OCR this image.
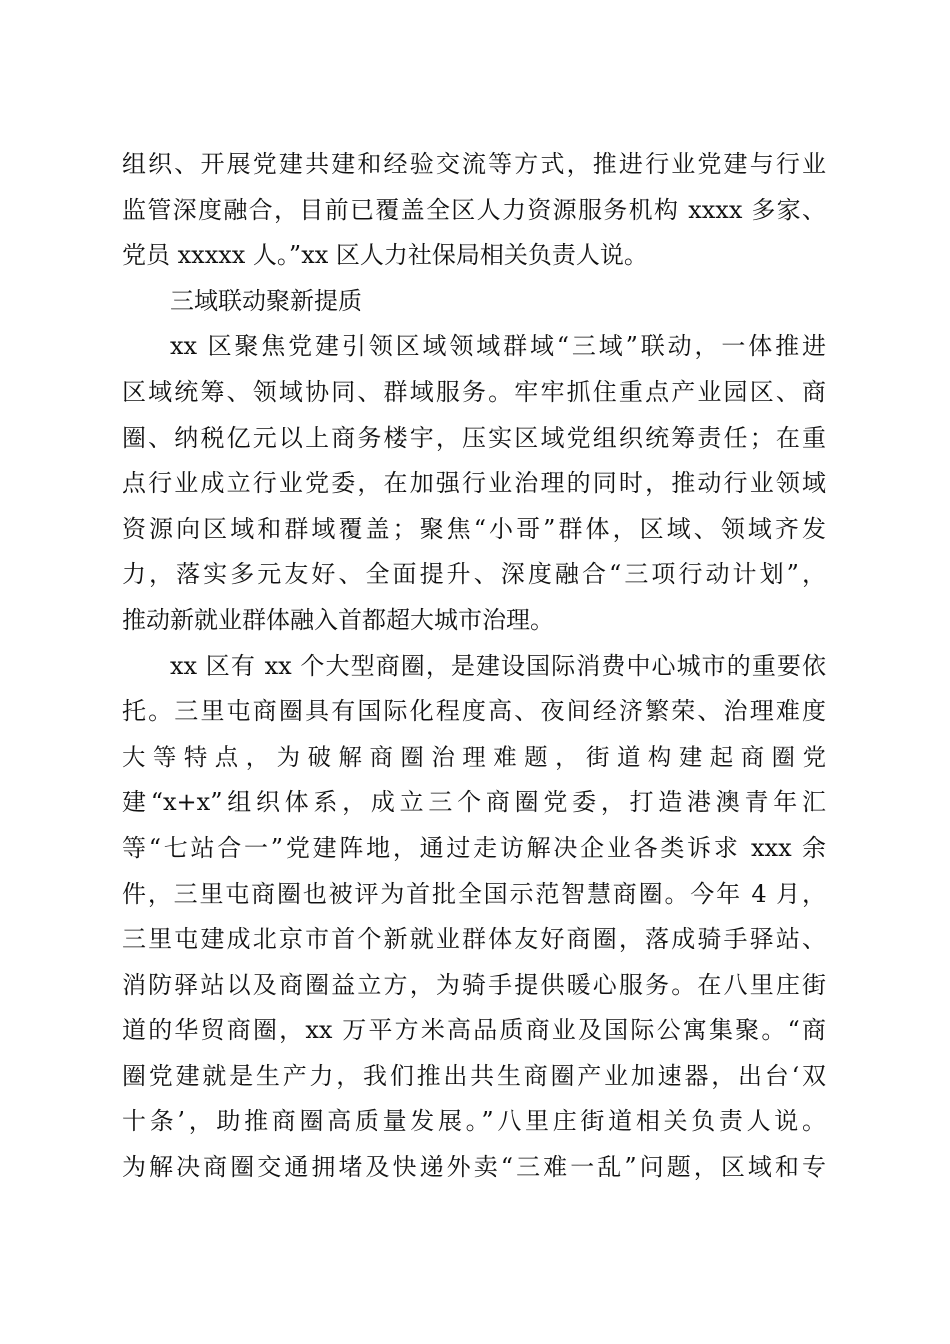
组织、开展党建共建和经验交流等方式，推进行业党建与行业
监管深度融合，目前已覆盖全区人力资源服务机构 xxxx 多家、
党员 xxxxx 人。”xx 区人力社保局相关负责人说。
三域联动聚新提质
xx 区聚焦党建引领区域领域群域“三域”联动，一体推进
区域统筹、领域协同、群域服务。牢牢抓住重点产业园区、商
圈、纳税亿元以上商务楼宇，压实区域党组织统筹责任；在重
点行业成立行业党委，在加强行业治理的同时，推动行业领域
资源向区域和群域覆盖；聚焦“小哥”群体，区域、领域齐发
力，落实多元友好、全面提升、深度融合“三项行动计划”，
推动新就业群体融入首都超大城市治理。
xx 区有 xx 个大型商圈，是建设国际消费中心城市的重要依
托。三里屯商圈具有国际化程度高、夜间经济繁荣、治理难度
大 等 特 点 ， 为 破 解 商 圈 治 理 难 题 ， 街 道 构 建 起 商 圈 党
建“x+x”组织体系，成立三个商圈党委，打造港澳青年汇
等“七站合一”党建阵地，通过走访解决企业各类诉求 xxx 余
件，三里屯商圈也被评为首批全国示范智慧商圈。今年 4 月，
三里屯建成北京市首个新就业群体友好商圈，落成骑手驿站、
消防驿站以及商圈益立方，为骑手提供暖心服务。在八里庄街
道的华贸商圈，xx 万平方米高品质商业及国际公寓集聚。“商
圈党建就是生产力，我们推出共生商圈产业加速器，出台‘双
十条’，助推商圈高质量发展。”八里庄街道相关负责人说。
为解决商圈交通拥堵及快递外卖“三难一乱”问题，区域和专
